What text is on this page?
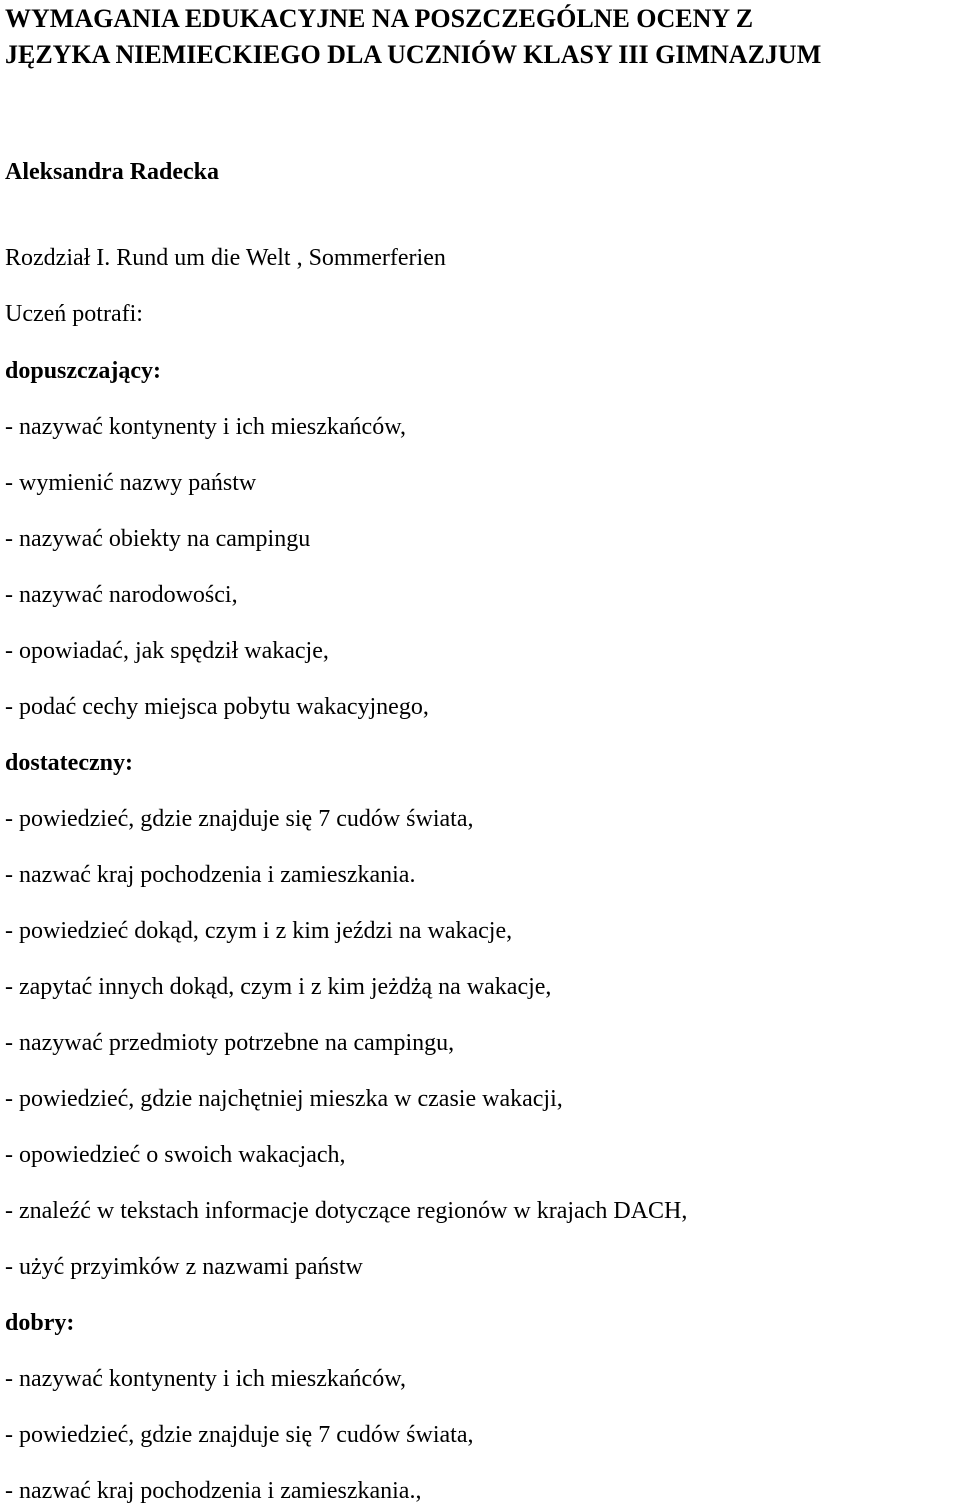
WYMAGANIA EDUKACYJNE NA POSZCZEGÓLNE OCENY Z
JĘZYKA NIEMIECKIEGO DLA UCZNIÓW KLASY III GIMNAZJUM

Aleksandra Radecka

Rozdział I. Rund um die Welt , Sommerferien

Uczeń potrafi:

dopuszczający:

- nazywać kontynenty i ich mieszkańców,

- wymienić nazwy państw

- nazywać obiekty na campingu

- nazywać narodowości,

- opowiadać, jak spędził wakacje,

- podać cechy miejsca pobytu wakacyjnego,

dostateczny:

- powiedzieć, gdzie znajduje się 7 cudów świata,

- nazwać kraj pochodzenia i zamieszkania.

- powiedzieć dokąd, czym i z kim jeździ na wakacje,

- zapytać innych dokąd, czym i z kim jeżdżą na wakacje,

- nazywać przedmioty potrzebne na campingu,

- powiedzieć, gdzie najchętniej mieszka w czasie wakacji,

- opowiedzieć o swoich wakacjach,

- znaleźć w tekstach informacje dotyczące regionów w krajach DACH,

- użyć przyimków z nazwami państw

dobry:

- nazywać kontynenty i ich mieszkańców,

- powiedzieć, gdzie znajduje się 7 cudów świata,

- nazwać kraj pochodzenia i zamieszkania.,
